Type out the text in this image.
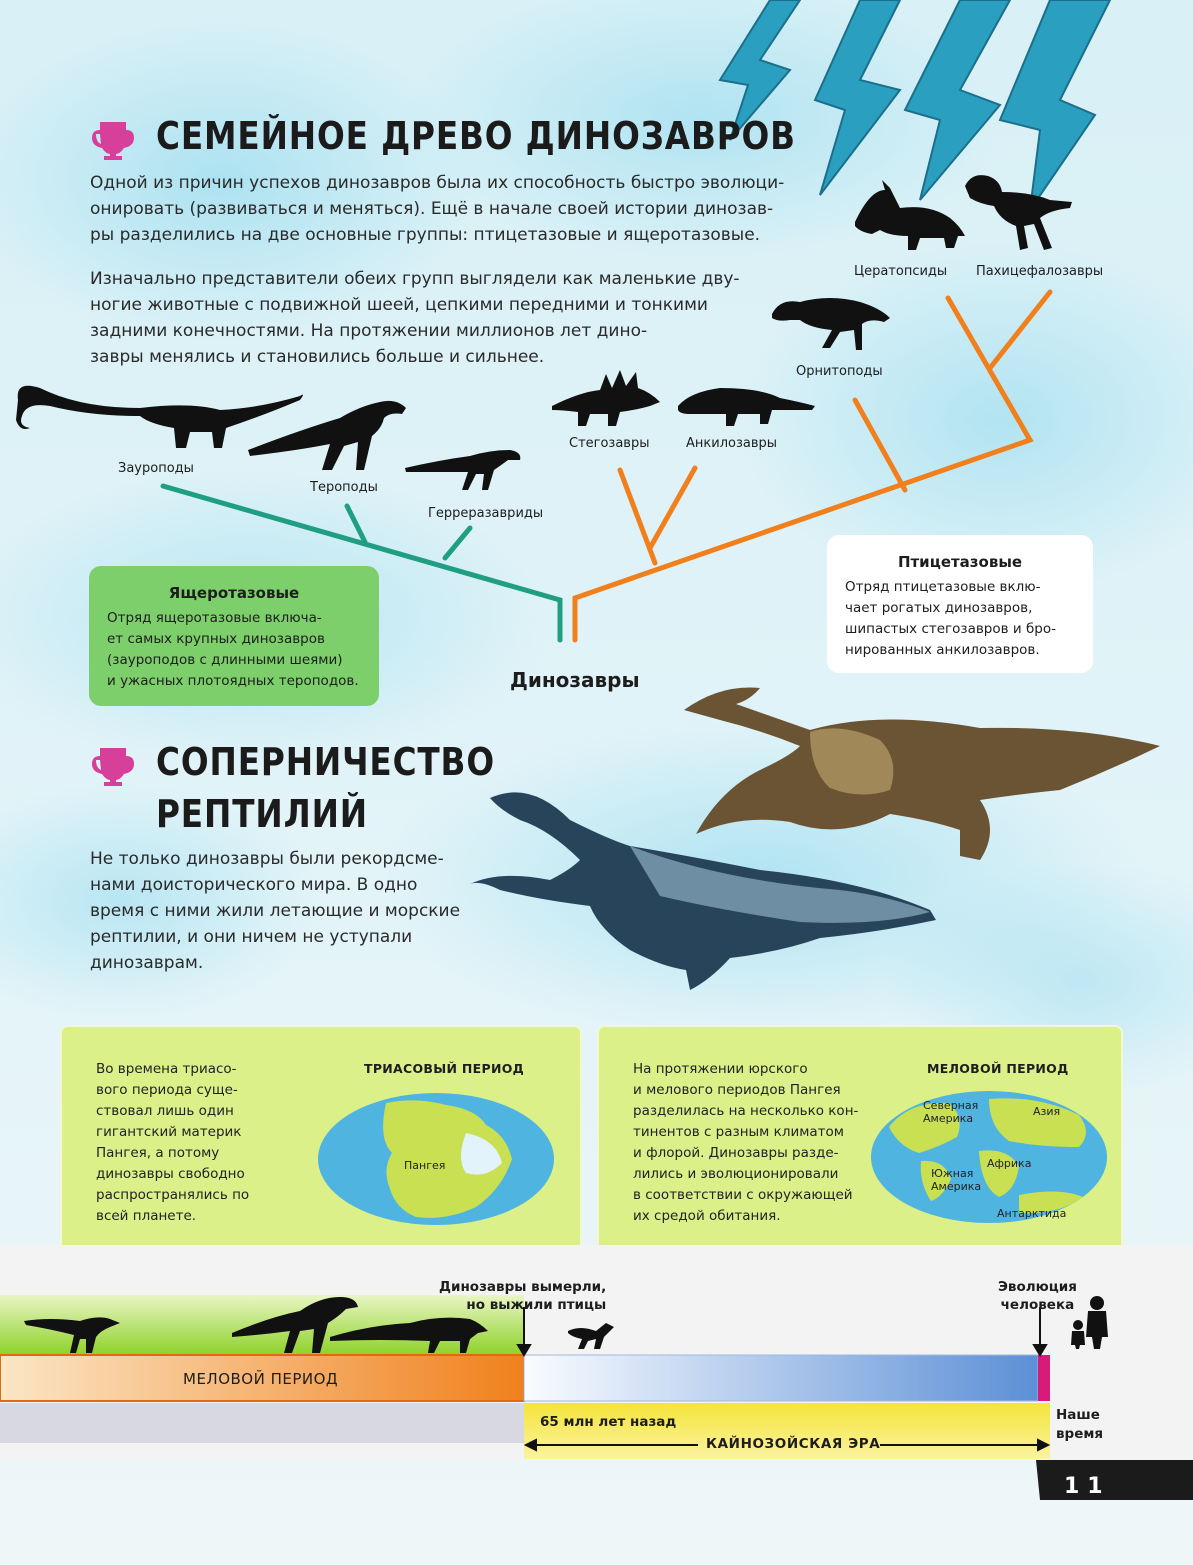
СЕМЕЙНОЕ ДРЕВО ДИНОЗАВРОВ
Одной из причин успехов динозавров была их способность быстро эволюци-
онировать (развиваться и меняться). Ещё в начале своей истории динозав-
ры разделились на две основные группы: птицетазовые и ящеротазовые.
Изначально представители обеих групп выглядели как маленькие дву-
ногие животные с подвижной шеей, цепкими передними и тонкими
задними конечностями. На протяжении миллионов лет дино-
завры менялись и становились больше и сильнее.
Зауроподы
Тероподы
Герреразавриды
Стегозавры	Анкилозавры
Орнитоподы
Цератопсиды Пахицефалозавры
Динозавры
Ящеротазовые
Отряд ящеротазовые включа-
ет самых крупных динозавров
(зауроподов с длинными шеями)
и ужасных плотоядных тероподов.
Птицетазовые
Отряд птицетазовые вклю-
чает рогатых динозавров,
шипастых стегозавров и бро-
нированных анкилозавров.
СОПЕРНИЧЕСТВО
РЕПТИЛИЙ
Не только динозавры были рекордсме-
нами доисторического мира. В одно
время с ними жили летающие и морские
рептилии, и они ничем не уступали
динозаврам.
Во времена триасо-
вого периода суще-
ствовал лишь один
гигантский материк
Пангея, а потому
динозавры свободно
распространялись по
всей планете.
ТРИАСОВЫЙ ПЕРИОД
Пангея
На протяжении юрского
и мелового периодов Пангея
разделилась на несколько кон-
тинентов с разным климатом
и флорой. Динозавры разде-
лились и эволюционировали
в соответствии с окружающей
их средой обитания.
МЕЛОВОЙ ПЕРИОД
Северная
Америка
Азия
Африка
Южная
Америка
Антарктида
Динозавры вымерли,
но выжили птицы
Эволюция
человека
МЕЛОВОЙ ПЕРИОД
65 млн лет назад
КАЙНОЗОЙСКАЯ ЭРА
Наше
время
11
